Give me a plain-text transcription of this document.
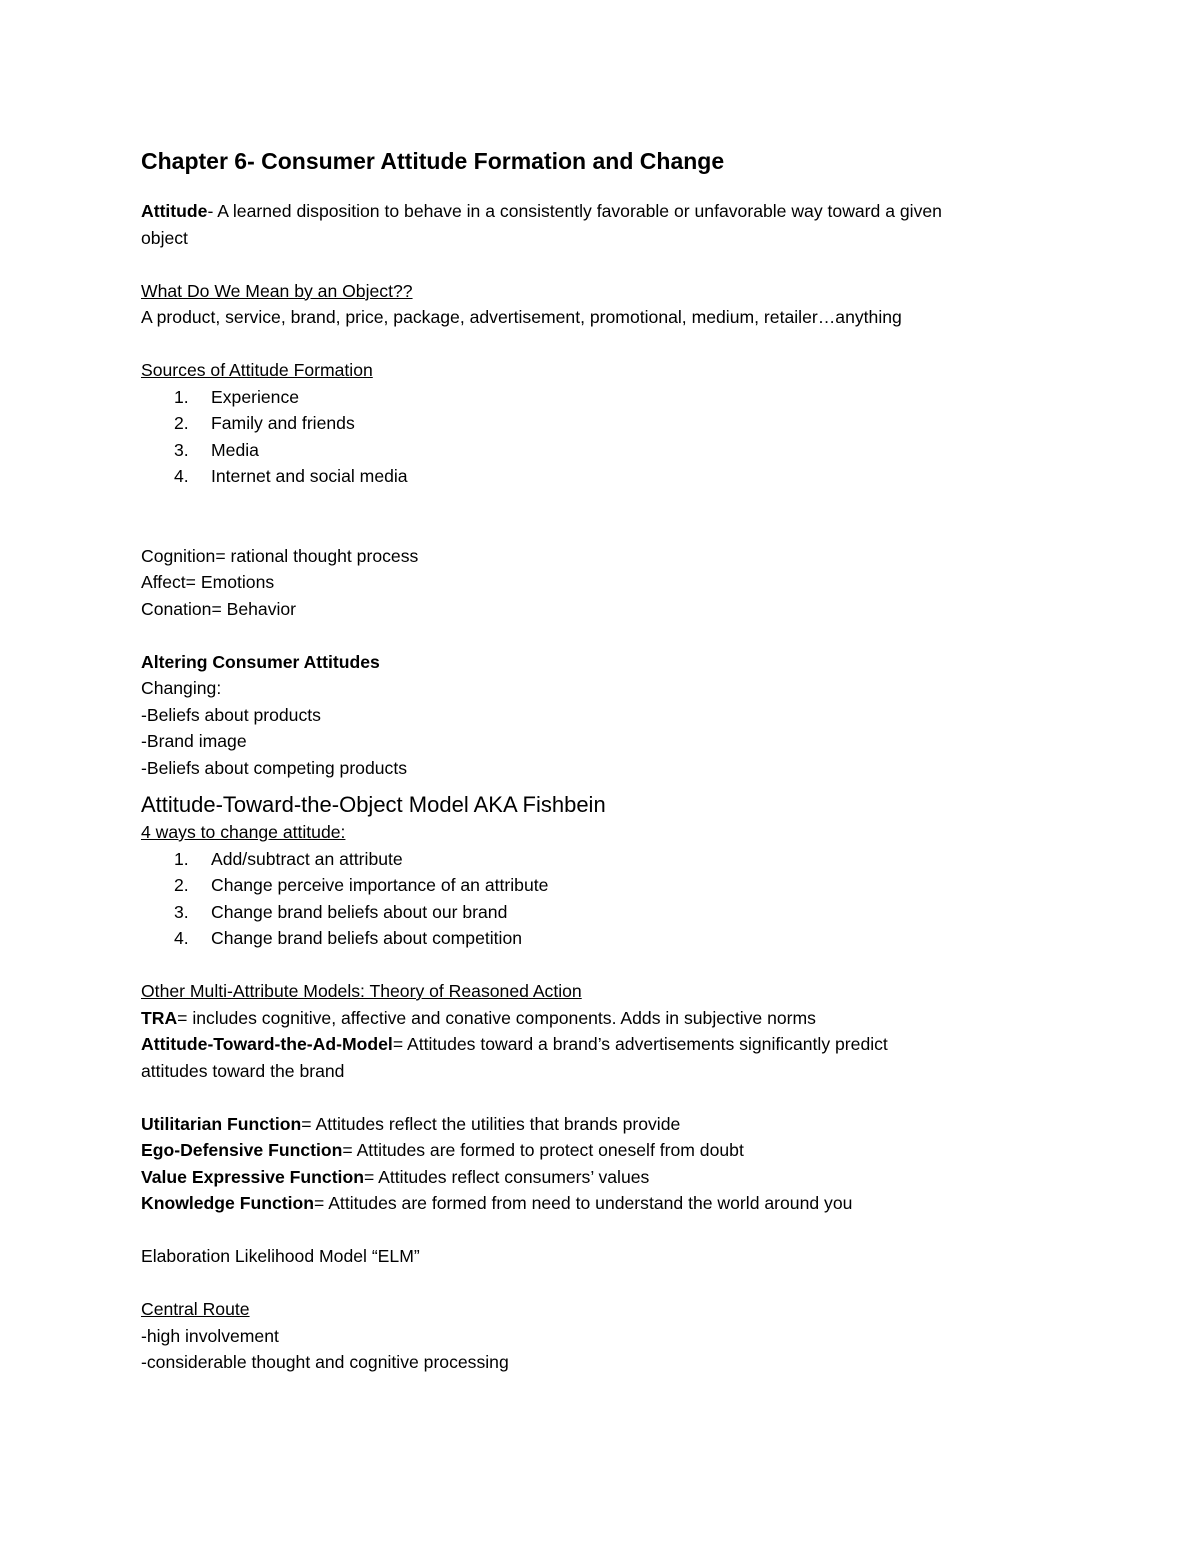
Chapter 6- Consumer Attitude Formation and Change

Attitude- A learned disposition to behave in a consistently favorable or unfavorable way toward a given

object

What Do We Mean by an Object??

A product, service, brand, price, package, advertisement, promotional, medium, retailer…anything

Sources of Attitude Formation

1. Experience
2. Family and friends
3. Media
4. Internet and social media

Cognition= rational thought process

Affect= Emotions

Conation= Behavior

Altering Consumer Attitudes

Changing:

-Beliefs about products

-Brand image

-Beliefs about competing products

Attitude-Toward-the-Object Model AKA Fishbein

4 ways to change attitude:

1. Add/subtract an attribute
2. Change perceive importance of an attribute
3. Change brand beliefs about our brand
4. Change brand beliefs about competition

Other Multi-Attribute Models: Theory of Reasoned Action

TRA= includes cognitive, affective and conative components. Adds in subjective norms

Attitude-Toward-the-Ad-Model= Attitudes toward a brand’s advertisements significantly predict

attitudes toward the brand

Utilitarian Function= Attitudes reflect the utilities that brands provide

Ego-Defensive Function= Attitudes are formed to protect oneself from doubt

Value Expressive Function= Attitudes reflect consumers’ values

Knowledge Function= Attitudes are formed from need to understand the world around you

Elaboration Likelihood Model “ELM”

Central Route

-high involvement

-considerable thought and cognitive processing
